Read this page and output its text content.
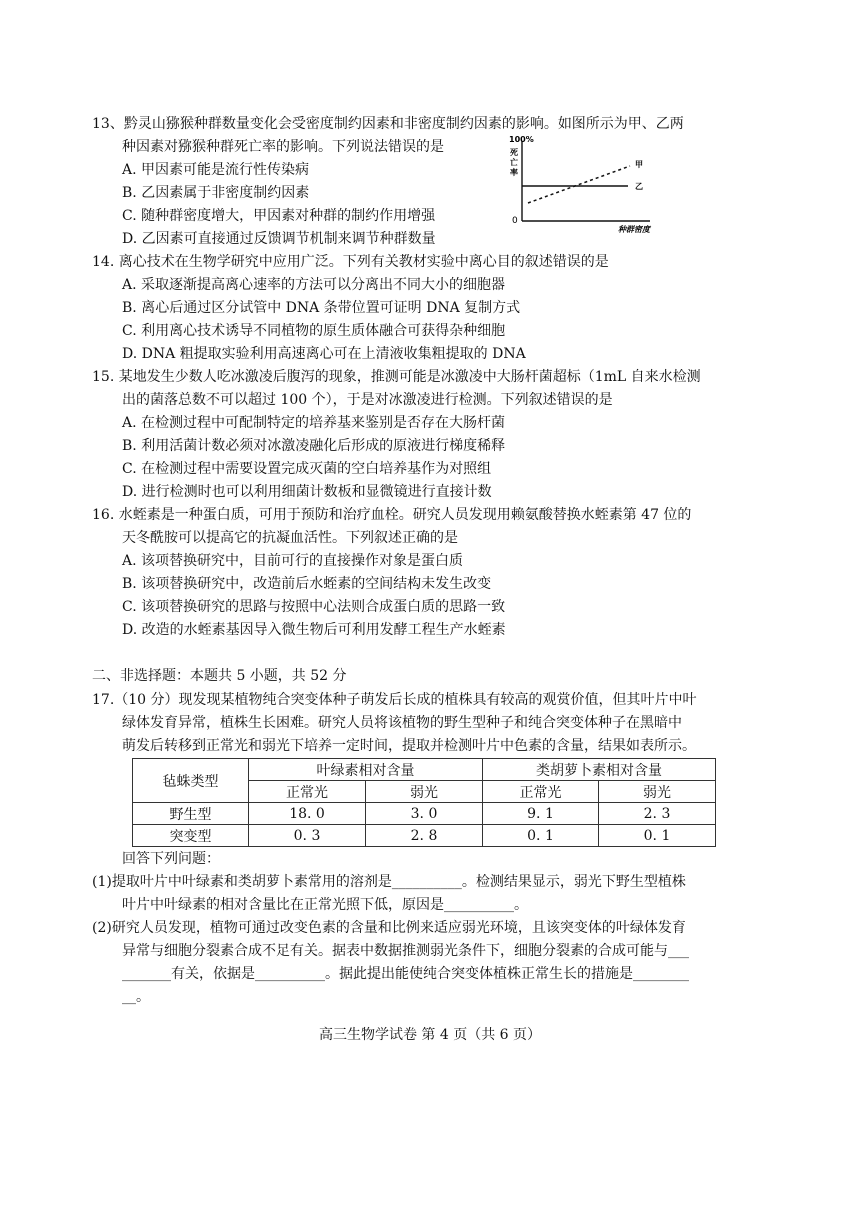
13、黔灵山猕猴种群数量变化会受密度制约因素和非密度制约因素的影响。如图所示为甲、乙两
种因素对猕猴种群死亡率的影响。下列说法错误的是
A. 甲因素可能是流行性传染病
B. 乙因素属于非密度制约因素
C. 随种群密度增大，甲因素对种群的制约作用增强
D. 乙因素可直接通过反馈调节机制来调节种群数量
100%
死
亡
率
0
种群密度
甲
乙
14. 离心技术在生物学研究中应用广泛。下列有关教材实验中离心目的叙述错误的是
A. 采取逐渐提高离心速率的方法可以分离出不同大小的细胞器
B. 离心后通过区分试管中 DNA 条带位置可证明 DNA 复制方式
C. 利用离心技术诱导不同植物的原生质体融合可获得杂种细胞
D. DNA 粗提取实验利用高速离心可在上清液收集粗提取的 DNA
15. 某地发生少数人吃冰激凌后腹泻的现象，推测可能是冰激凌中大肠杆菌超标（1mL 自来水检测
出的菌落总数不可以超过 100 个），于是对冰激凌进行检测。下列叙述错误的是
A. 在检测过程中可配制特定的培养基来鉴别是否存在大肠杆菌
B. 利用活菌计数必须对冰激凌融化后形成的原液进行梯度稀释
C. 在检测过程中需要设置完成灭菌的空白培养基作为对照组
D. 进行检测时也可以利用细菌计数板和显微镜进行直接计数
16. 水蛭素是一种蛋白质，可用于预防和治疗血栓。研究人员发现用赖氨酸替换水蛭素第 47 位的
天冬酰胺可以提高它的抗凝血活性。下列叙述正确的是
A. 该项替换研究中，目前可行的直接操作对象是蛋白质
B. 该项替换研究中，改造前后水蛭素的空间结构未发生改变
C. 该项替换研究的思路与按照中心法则合成蛋白质的思路一致
D. 改造的水蛭素基因导入微生物后可利用发酵工程生产水蛭素
二、非选择题：本题共 5 小题，共 52 分
17.（10 分）现发现某植物纯合突变体种子萌发后长成的植株具有较高的观赏价值，但其叶片中叶
绿体发育异常，植株生长困难。研究人员将该植物的野生型种子和纯合突变体种子在黑暗中
萌发后转移到正常光和弱光下培养一定时间，提取并检测叶片中色素的含量，结果如表所示。
毡蛛类型	叶绿素相对含量		类胡萝卜素相对含量	
	正常光	弱光	正常光	弱光
野生型	18. 0	3. 0	9. 1	2. 3
突变型	0. 3	2. 8	0. 1	0. 1
回答下列问题：
(1)提取叶片中叶绿素和类胡萝卜素常用的溶剂是__________。检测结果显示，弱光下野生型植株
叶片中叶绿素的相对含量比在正常光照下低，原因是__________。
(2)研究人员发现，植物可通过改变色素的含量和比例来适应弱光环境，且该突变体的叶绿体发育
异常与细胞分裂素合成不足有关。据表中数据推测弱光条件下，细胞分裂素的合成可能与___
_______有关，依据是__________。据此提出能使纯合突变体植株正常生长的措施是________
__。
高三生物学试卷 第 4 页（共 6 页）
